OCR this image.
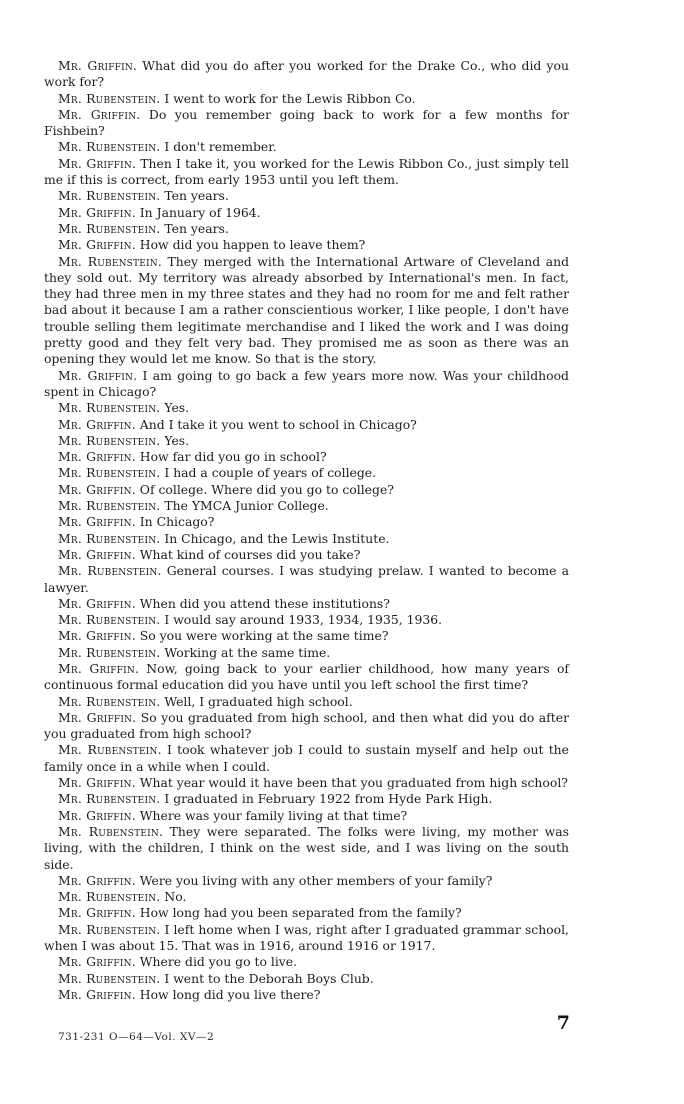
Mr. Griffin. What did you do after you worked for the Drake Co., who did you work for?

Mr. Rubenstein. I went to work for the Lewis Ribbon Co.

Mr. Griffin. Do you remember going back to work for a few months for Fishbein?

Mr. Rubenstein. I don't remember.

Mr. Griffin. Then I take it, you worked for the Lewis Ribbon Co., just simply tell me if this is correct, from early 1953 until you left them.

Mr. Rubenstein. Ten years.

Mr. Griffin. In January of 1964.

Mr. Rubenstein. Ten years.

Mr. Griffin. How did you happen to leave them?

Mr. Rubenstein. They merged with the International Artware of Cleveland and they sold out. My territory was already absorbed by International's men. In fact, they had three men in my three states and they had no room for me and felt rather bad about it because I am a rather conscientious worker, I like people, I don't have trouble selling them legitimate merchandise and I liked the work and I was doing pretty good and they felt very bad. They promised me as soon as there was an opening they would let me know. So that is the story.

Mr. Griffin. I am going to go back a few years more now. Was your childhood spent in Chicago?

Mr. Rubenstein. Yes.

Mr. Griffin. And I take it you went to school in Chicago?

Mr. Rubenstein. Yes.

Mr. Griffin. How far did you go in school?

Mr. Rubenstein. I had a couple of years of college.

Mr. Griffin. Of college. Where did you go to college?

Mr. Rubenstein. The YMCA Junior College.

Mr. Griffin. In Chicago?

Mr. Rubenstein. In Chicago, and the Lewis Institute.

Mr. Griffin. What kind of courses did you take?

Mr. Rubenstein. General courses. I was studying prelaw. I wanted to become a lawyer.

Mr. Griffin. When did you attend these institutions?

Mr. Rubenstein. I would say around 1933, 1934, 1935, 1936.

Mr. Griffin. So you were working at the same time?

Mr. Rubenstein. Working at the same time.

Mr. Griffin. Now, going back to your earlier childhood, how many years of continuous formal education did you have until you left school the first time?

Mr. Rubenstein. Well, I graduated high school.

Mr. Griffin. So you graduated from high school, and then what did you do after you graduated from high school?

Mr. Rubenstein. I took whatever job I could to sustain myself and help out the family once in a while when I could.

Mr. Griffin. What year would it have been that you graduated from high school?

Mr. Rubenstein. I graduated in February 1922 from Hyde Park High.

Mr. Griffin. Where was your family living at that time?

Mr. Rubenstein. They were separated. The folks were living, my mother was living, with the children, I think on the west side, and I was living on the south side.

Mr. Griffin. Were you living with any other members of your family?

Mr. Rubenstein. No.

Mr. Griffin. How long had you been separated from the family?

Mr. Rubenstein. I left home when I was, right after I graduated grammar school, when I was about 15. That was in 1916, around 1916 or 1917.

Mr. Griffin. Where did you go to live.

Mr. Rubenstein. I went to the Deborah Boys Club.

Mr. Griffin. How long did you live there?

731-231 O—64—Vol. XV—2
7
